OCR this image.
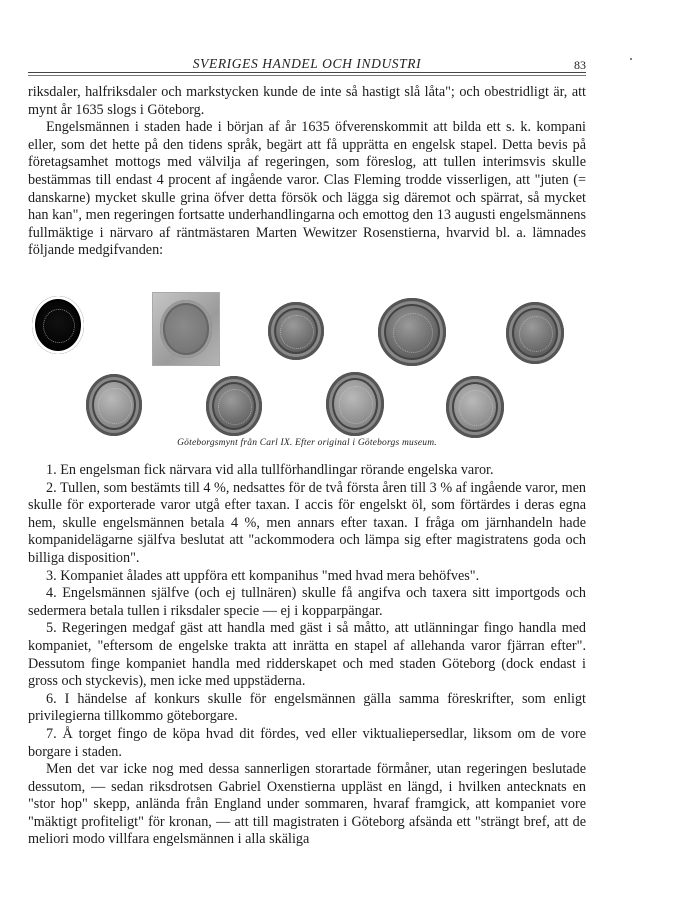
SVERIGES HANDEL OCH INDUSTRI	83

riksdaler, halfriksdaler och markstycken kunde de inte så hastigt slå låta"; och obestridligt är, att mynt år 1635 slogs i Göteborg.

Engelsmännen i staden hade i början af år 1635 öfverenskommit att bilda ett s. k. kompani eller, som det hette på den tidens språk, begärt att få upprätta en engelsk stapel. Detta bevis på företagsamhet mottogs med välvilja af regeringen, som föreslog, att tullen interimsvis skulle bestämmas till endast 4 procent af ingående varor. Clas Fleming trodde visserligen, att "juten (= danskarne) mycket skulle grina öfver detta försök och lägga sig däremot och spärrat, så mycket han kan", men regeringen fortsatte underhandlingarna och emottog den 13 augusti engelsmännens fullmäktige i närvaro af räntmästaren Marten Wewitzer Rosenstierna, hvarvid bl. a. lämnades följande medgifvanden:

Göteborgsmynt från Carl IX. Efter original i Göteborgs museum.

1. En engelsman fick närvara vid alla tullförhandlingar rörande engelska varor.

2. Tullen, som bestämts till 4 %, nedsattes för de två första åren till 3 % af ingående varor, men skulle för exporterade varor utgå efter taxan. I accis för engelskt öl, som förtärdes i deras egna hem, skulle engelsmännen betala 4 %, men annars efter taxan. I fråga om järnhandeln hade kompanidelägarne själfva beslutat att "ackommodera och lämpa sig efter magistratens goda och billiga disposition".

3. Kompaniet ålades att uppföra ett kompanihus "med hvad mera behöfves".

4. Engelsmännen själfve (och ej tullnären) skulle få angifva och taxera sitt importgods och sedermera betala tullen i riksdaler specie — ej i kopparpängar.

5. Regeringen medgaf gäst att handla med gäst i så måtto, att utlänningar fingo handla med kompaniet, "eftersom de engelske trakta att inrätta en stapel af allehanda varor fjärran efter". Dessutom finge kompaniet handla med ridderskapet och med staden Göteborg (dock endast i gross och styckevis), men icke med uppstäderna.

6. I händelse af konkurs skulle för engelsmännen gälla samma föreskrifter, som enligt privilegierna tillkommo göteborgare.

7. Å torget fingo de köpa hvad dit fördes, ved eller viktualiepersedlar, liksom om de vore borgare i staden.

Men det var icke nog med dessa sannerligen storartade förmåner, utan regeringen beslutade dessutom, — sedan riksdrotsen Gabriel Oxenstierna uppläst en längd, i hvilken antecknats en "stor hop" skepp, anlända från England under sommaren, hvaraf framgick, att kompaniet vore "mäktigt profiteligt" för kronan, — att till magistraten i Göteborg afsända ett "strängt bref, att de meliori modo villfara engelsmännen i alla skäliga
